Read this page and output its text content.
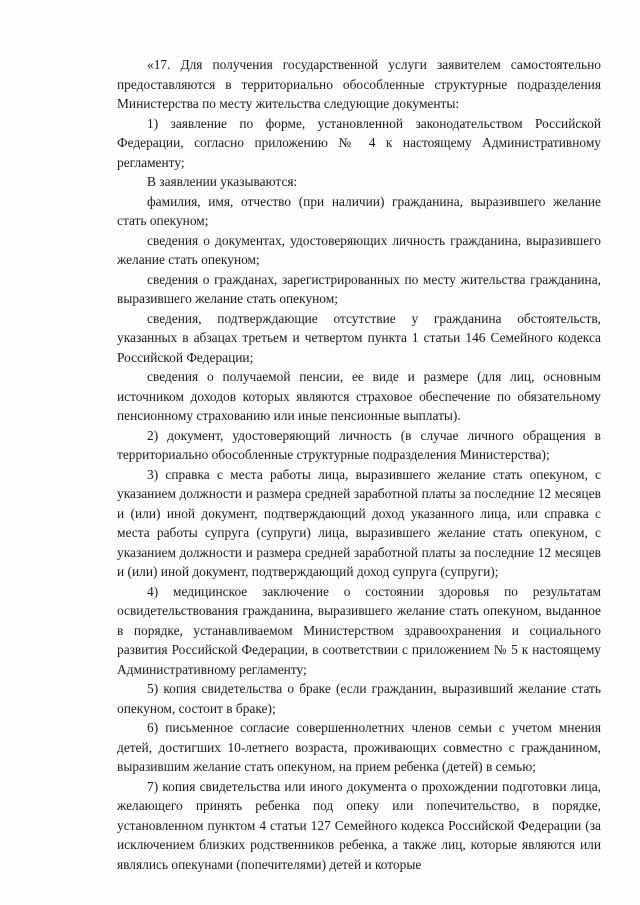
«17. Для получения государственной услуги заявителем самостоятельно предоставляются в территориально обособленные структурные подразделения Министерства по месту жительства следующие документы:

1) заявление по форме, установленной законодательством Российской Федерации, согласно приложению № 4 к настоящему Административному регламенту;

В заявлении указываются:

фамилия, имя, отчество (при наличии) гражданина, выразившего желание стать опекуном;

сведения о документах, удостоверяющих личность гражданина, выразившего желание стать опекуном;

сведения о гражданах, зарегистрированных по месту жительства гражданина, выразившего желание стать опекуном;

сведения, подтверждающие отсутствие у гражданина обстоятельств, указанных в абзацах третьем и четвертом пункта 1 статьи 146 Семейного кодекса Российской Федерации;

сведения о получаемой пенсии, ее виде и размере (для лиц, основным источником доходов которых являются страховое обеспечение по обязательному пенсионному страхованию или иные пенсионные выплаты).

2) документ, удостоверяющий личность (в случае личного обращения в территориально обособленные структурные подразделения Министерства);

3) справка с места работы лица, выразившего желание стать опекуном, с указанием должности и размера средней заработной платы за последние 12 месяцев и (или) иной документ, подтверждающий доход указанного лица, или справка с места работы супруга (супруги) лица, выразившего желание стать опекуном, с указанием должности и размера средней заработной платы за последние 12 месяцев и (или) иной документ, подтверждающий доход супруга (супруги);

4) медицинское заключение о состоянии здоровья по результатам освидетельствования гражданина, выразившего желание стать опекуном, выданное в порядке, устанавливаемом Министерством здравоохранения и социального развития Российской Федерации, в соответствии с приложением № 5 к настоящему Административному регламенту;

5) копия свидетельства о браке (если гражданин, выразивший желание стать опекуном, состоит в браке);

6) письменное согласие совершеннолетних членов семьи с учетом мнения детей, достигших 10-летнего возраста, проживающих совместно с гражданином, выразившим желание стать опекуном, на прием ребенка (детей) в семью;

7) копия свидетельства или иного документа о прохождении подготовки лица, желающего принять ребенка под опеку или попечительство, в порядке, установленном пунктом 4 статьи 127 Семейного кодекса Российской Федерации (за исключением близких родственников ребенка, а также лиц, которые являются или являлись опекунами (попечителями) детей и которые
